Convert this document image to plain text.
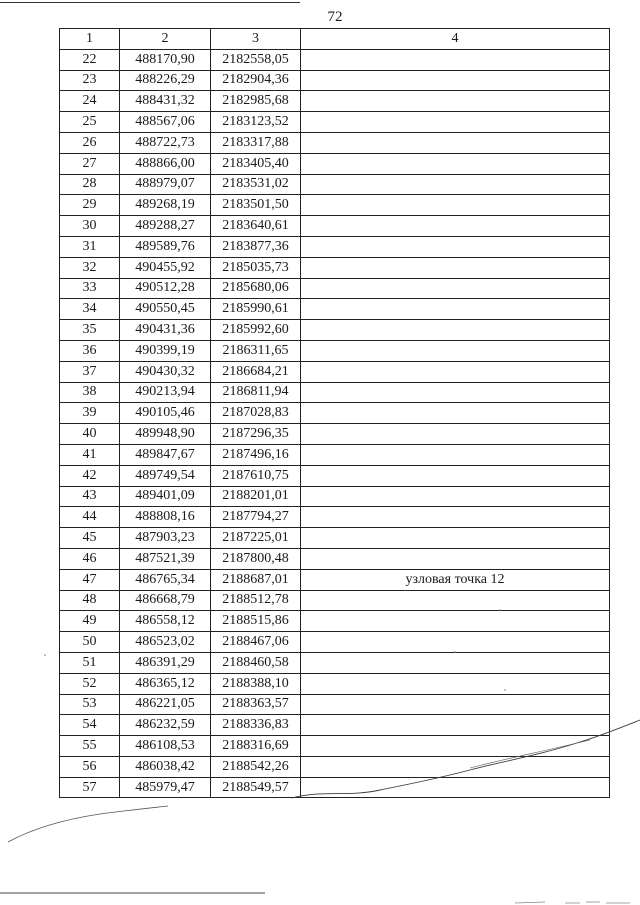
72
1	2	3	4
22	488170,90	2182558,05	
23	488226,29	2182904,36	
24	488431,32	2182985,68	
25	488567,06	2183123,52	
26	488722,73	2183317,88	
27	488866,00	2183405,40	
28	488979,07	2183531,02	
29	489268,19	2183501,50	
30	489288,27	2183640,61	
31	489589,76	2183877,36	
32	490455,92	2185035,73	
33	490512,28	2185680,06	
34	490550,45	2185990,61	
35	490431,36	2185992,60	
36	490399,19	2186311,65	
37	490430,32	2186684,21	
38	490213,94	2186811,94	
39	490105,46	2187028,83	
40	489948,90	2187296,35	
41	489847,67	2187496,16	
42	489749,54	2187610,75	
43	489401,09	2188201,01	
44	488808,16	2187794,27	
45	487903,23	2187225,01	
46	487521,39	2187800,48	
47	486765,34	2188687,01	узловая точка 12
48	486668,79	2188512,78	
49	486558,12	2188515,86	
50	486523,02	2188467,06	
51	486391,29	2188460,58	
52	486365,12	2188388,10	
53	486221,05	2188363,57	
54	486232,59	2188336,83	
55	486108,53	2188316,69	
56	486038,42	2188542,26	
57	485979,47	2188549,57	
